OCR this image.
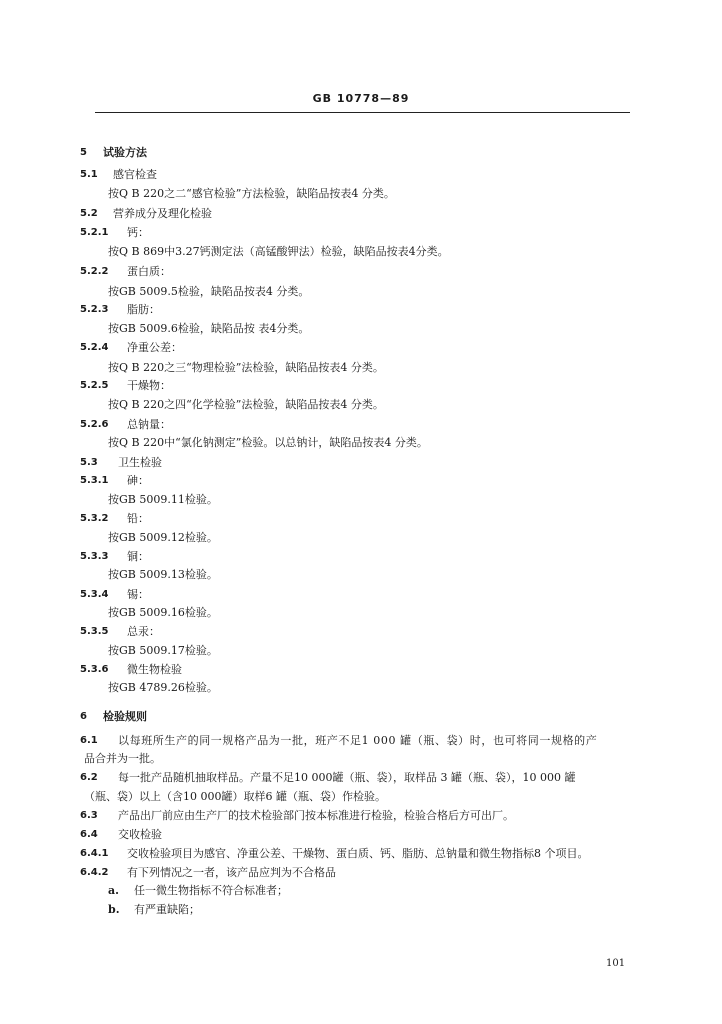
GB 10778—89
5 试验方法
5.1 感官检查
按Q B 220之二“感官检验”方法检验，缺陷品按表4 分类。
5.2 营养成分及理化检验
5.2.1 钙：
按Q B 869中3.27钙测定法（高锰酸钾法）检验，缺陷品按表4分类。
5.2.2 蛋白质：
按GB 5009.5检验，缺陷品按表4 分类。
5.2.3 脂肪：
按GB 5009.6检验，缺陷品按 表4分类。
5.2.4 净重公差：
按Q B 220之三“物理检验”法检验，缺陷品按表4 分类。
5.2.5 干燥物：
按Q B 220之四“化学检验”法检验，缺陷品按表4 分类。
5.2.6 总钠量：
按Q B 220中“氯化钠测定”检验。以总钠计，缺陷品按表4 分类。
5.3 卫生检验
5.3.1 砷：
按GB 5009.11检验。
5.3.2 铅：
按GB 5009.12检验。
5.3.3 铜：
按GB 5009.13检验。
5.3.4 锡：
按GB 5009.16检验。
5.3.5 总汞：
按GB 5009.17检验。
5.3.6 微生物检验
按GB 4789.26检验。
6 检验规则
6.1 以每班所生产的同一规格产品为一批，班产不足1 000 罐（瓶、袋）时，也可将同一规格的产
品合并为一批。
6.2 每一批产品随机抽取样品。产量不足10 000罐（瓶、袋），取样品 3 罐（瓶、袋），10 000 罐
（瓶、袋）以上（含10 000罐）取样6 罐（瓶、袋）作检验。
6.3 产品出厂前应由生产厂的技术检验部门按本标准进行检验，检验合格后方可出厂。
6.4 交收检验
6.4.1 交收检验项目为感官、净重公差、干燥物、蛋白质、钙、脂肪、总钠量和微生物指标8 个项目。
6.4.2 有下列情况之一者，该产品应判为不合格品
a. 任一微生物指标不符合标准者；
b. 有严重缺陷；
101
